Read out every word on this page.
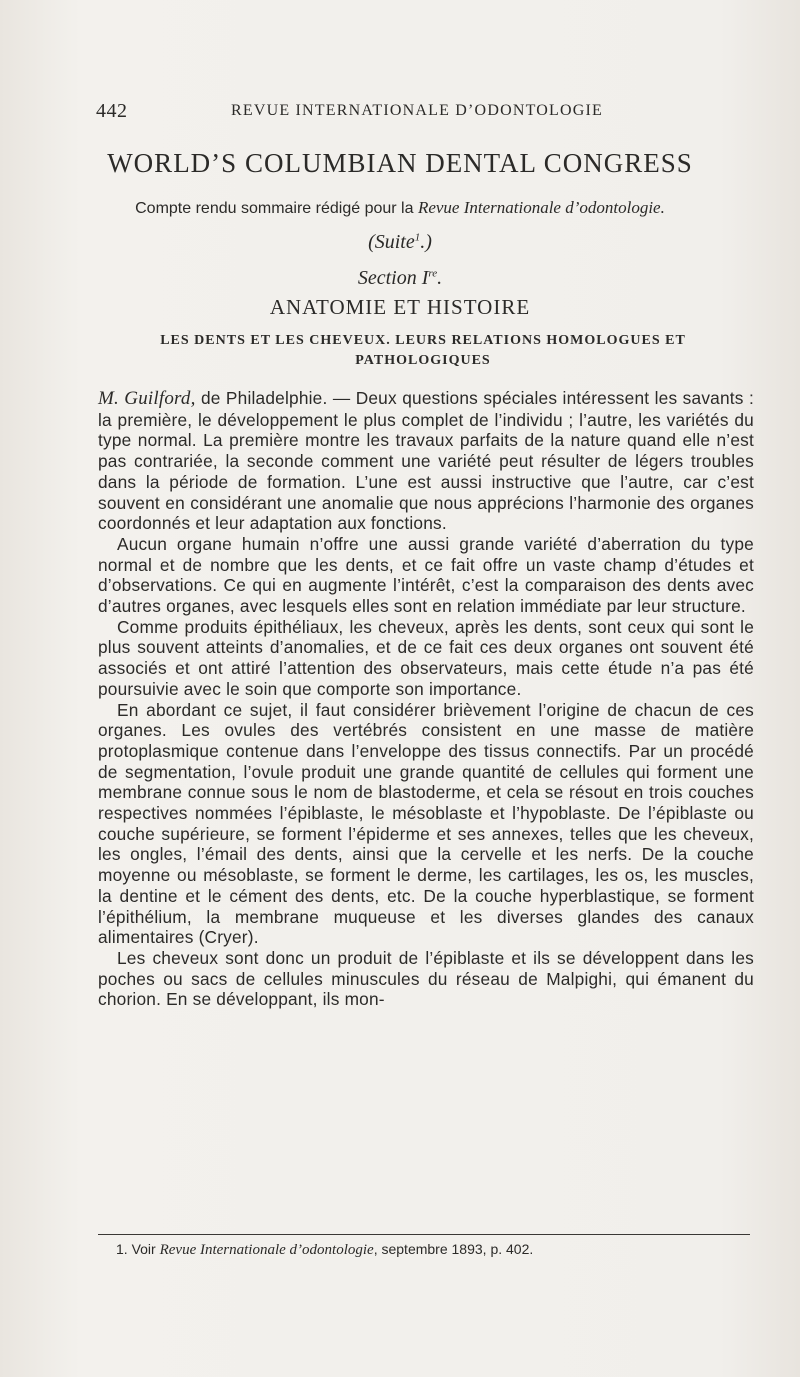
442	REVUE INTERNATIONALE D’ODONTOLOGIE
WORLD’S COLUMBIAN DENTAL CONGRESS
Compte rendu sommaire rédigé pour la Revue Internationale d’odontologie.
(Suite$^1$.)
Section Ire.
ANATOMIE ET HISTOIRE
LES DENTS ET LES CHEVEUX. LEURS RELATIONS HOMOLOGUES ET PATHOLOGIQUES

M. Guilford, de Philadelphie. — Deux questions spéciales intéressent les savants : la première, le développement le plus complet de l’individu ; l’autre, les variétés du type normal. La première montre les travaux parfaits de la nature quand elle n’est pas contrariée, la seconde comment une variété peut résulter de légers troubles dans la période de formation. L’une est aussi instructive que l’autre, car c’est souvent en considérant une anomalie que nous apprécions l’harmonie des organes coordonnés et leur adaptation aux fonctions.

Aucun organe humain n’offre une aussi grande variété d’aberration du type normal et de nombre que les dents, et ce fait offre un vaste champ d’études et d’observations. Ce qui en augmente l’intérêt, c’est la comparaison des dents avec d’autres organes, avec lesquels elles sont en relation immédiate par leur structure.

Comme produits épithéliaux, les cheveux, après les dents, sont ceux qui sont le plus souvent atteints d’anomalies, et de ce fait ces deux organes ont souvent été associés et ont attiré l’attention des observateurs, mais cette étude n’a pas été poursuivie avec le soin que comporte son importance.

En abordant ce sujet, il faut considérer brièvement l’origine de chacun de ces organes. Les ovules des vertébrés consistent en une masse de matière protoplasmique contenue dans l’enveloppe des tissus connectifs. Par un procédé de segmentation, l’ovule produit une grande quantité de cellules qui forment une membrane connue sous le nom de blastoderme, et cela se résout en trois couches respectives nommées l’épiblaste, le mésoblaste et l’hypoblaste. De l’épiblaste ou couche supérieure, se forment l’épiderme et ses annexes, telles que les cheveux, les ongles, l’émail des dents, ainsi que la cervelle et les nerfs. De la couche moyenne ou mésoblaste, se forment le derme, les cartilages, les os, les muscles, la dentine et le cément des dents, etc. De la couche hyperblastique, se forment l’épithélium, la membrane muqueuse et les diverses glandes des canaux alimentaires (Cryer).

Les cheveux sont donc un produit de l’épiblaste et ils se développent dans les poches ou sacs de cellules minuscules du réseau de Malpighi, qui émanent du chorion. En se développant, ils mon-

1. Voir Revue Internationale d’odontologie, septembre 1893, p. 402.
